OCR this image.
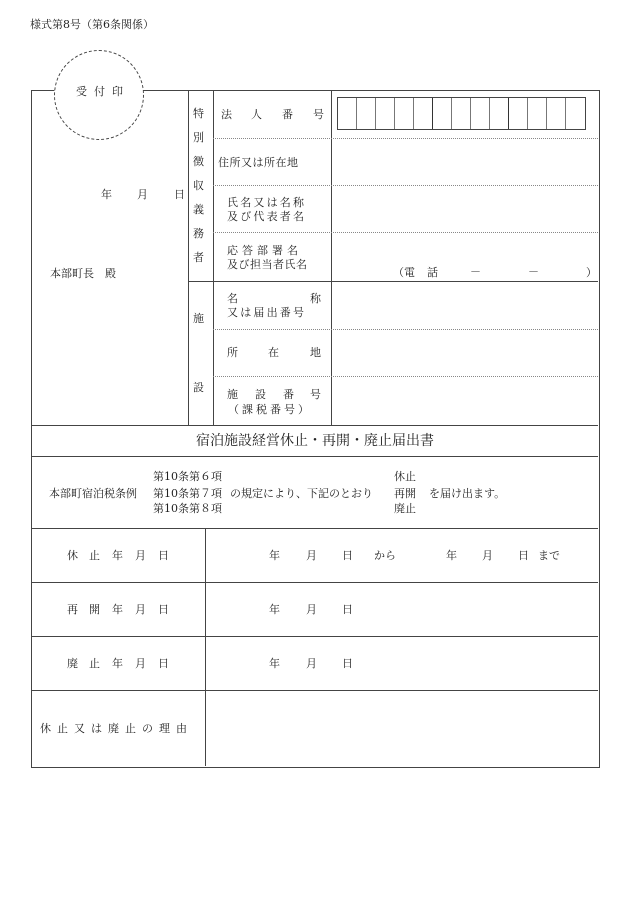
様式第8号（第6条関係）
受付印
年 月 日
本部町長　殿
特
別
徴
収
義
務
者
施
設
法 人 番 号
住所又は所在地
氏名又は名称
及び代表者名
応答部署名
及び担当者氏名
（電 話	－	－	）
名	称
又は届出番号
所	在	地
施 設 番 号
（課税番号）
宿泊施設経営休止・再開・廃止届出書
第10条第６項
本部町宿泊税条例 第10条第７項 の規定により、下記のとおり
第10条第８項
休止
再開 を届け出ます。
廃止
休 止 年 月 日	年 月 日 から	年 月 日 まで
再 開 年 月 日	年 月 日
廃 止 年 月 日	年 月 日
休 止 又 は 廃 止 の 理 由
